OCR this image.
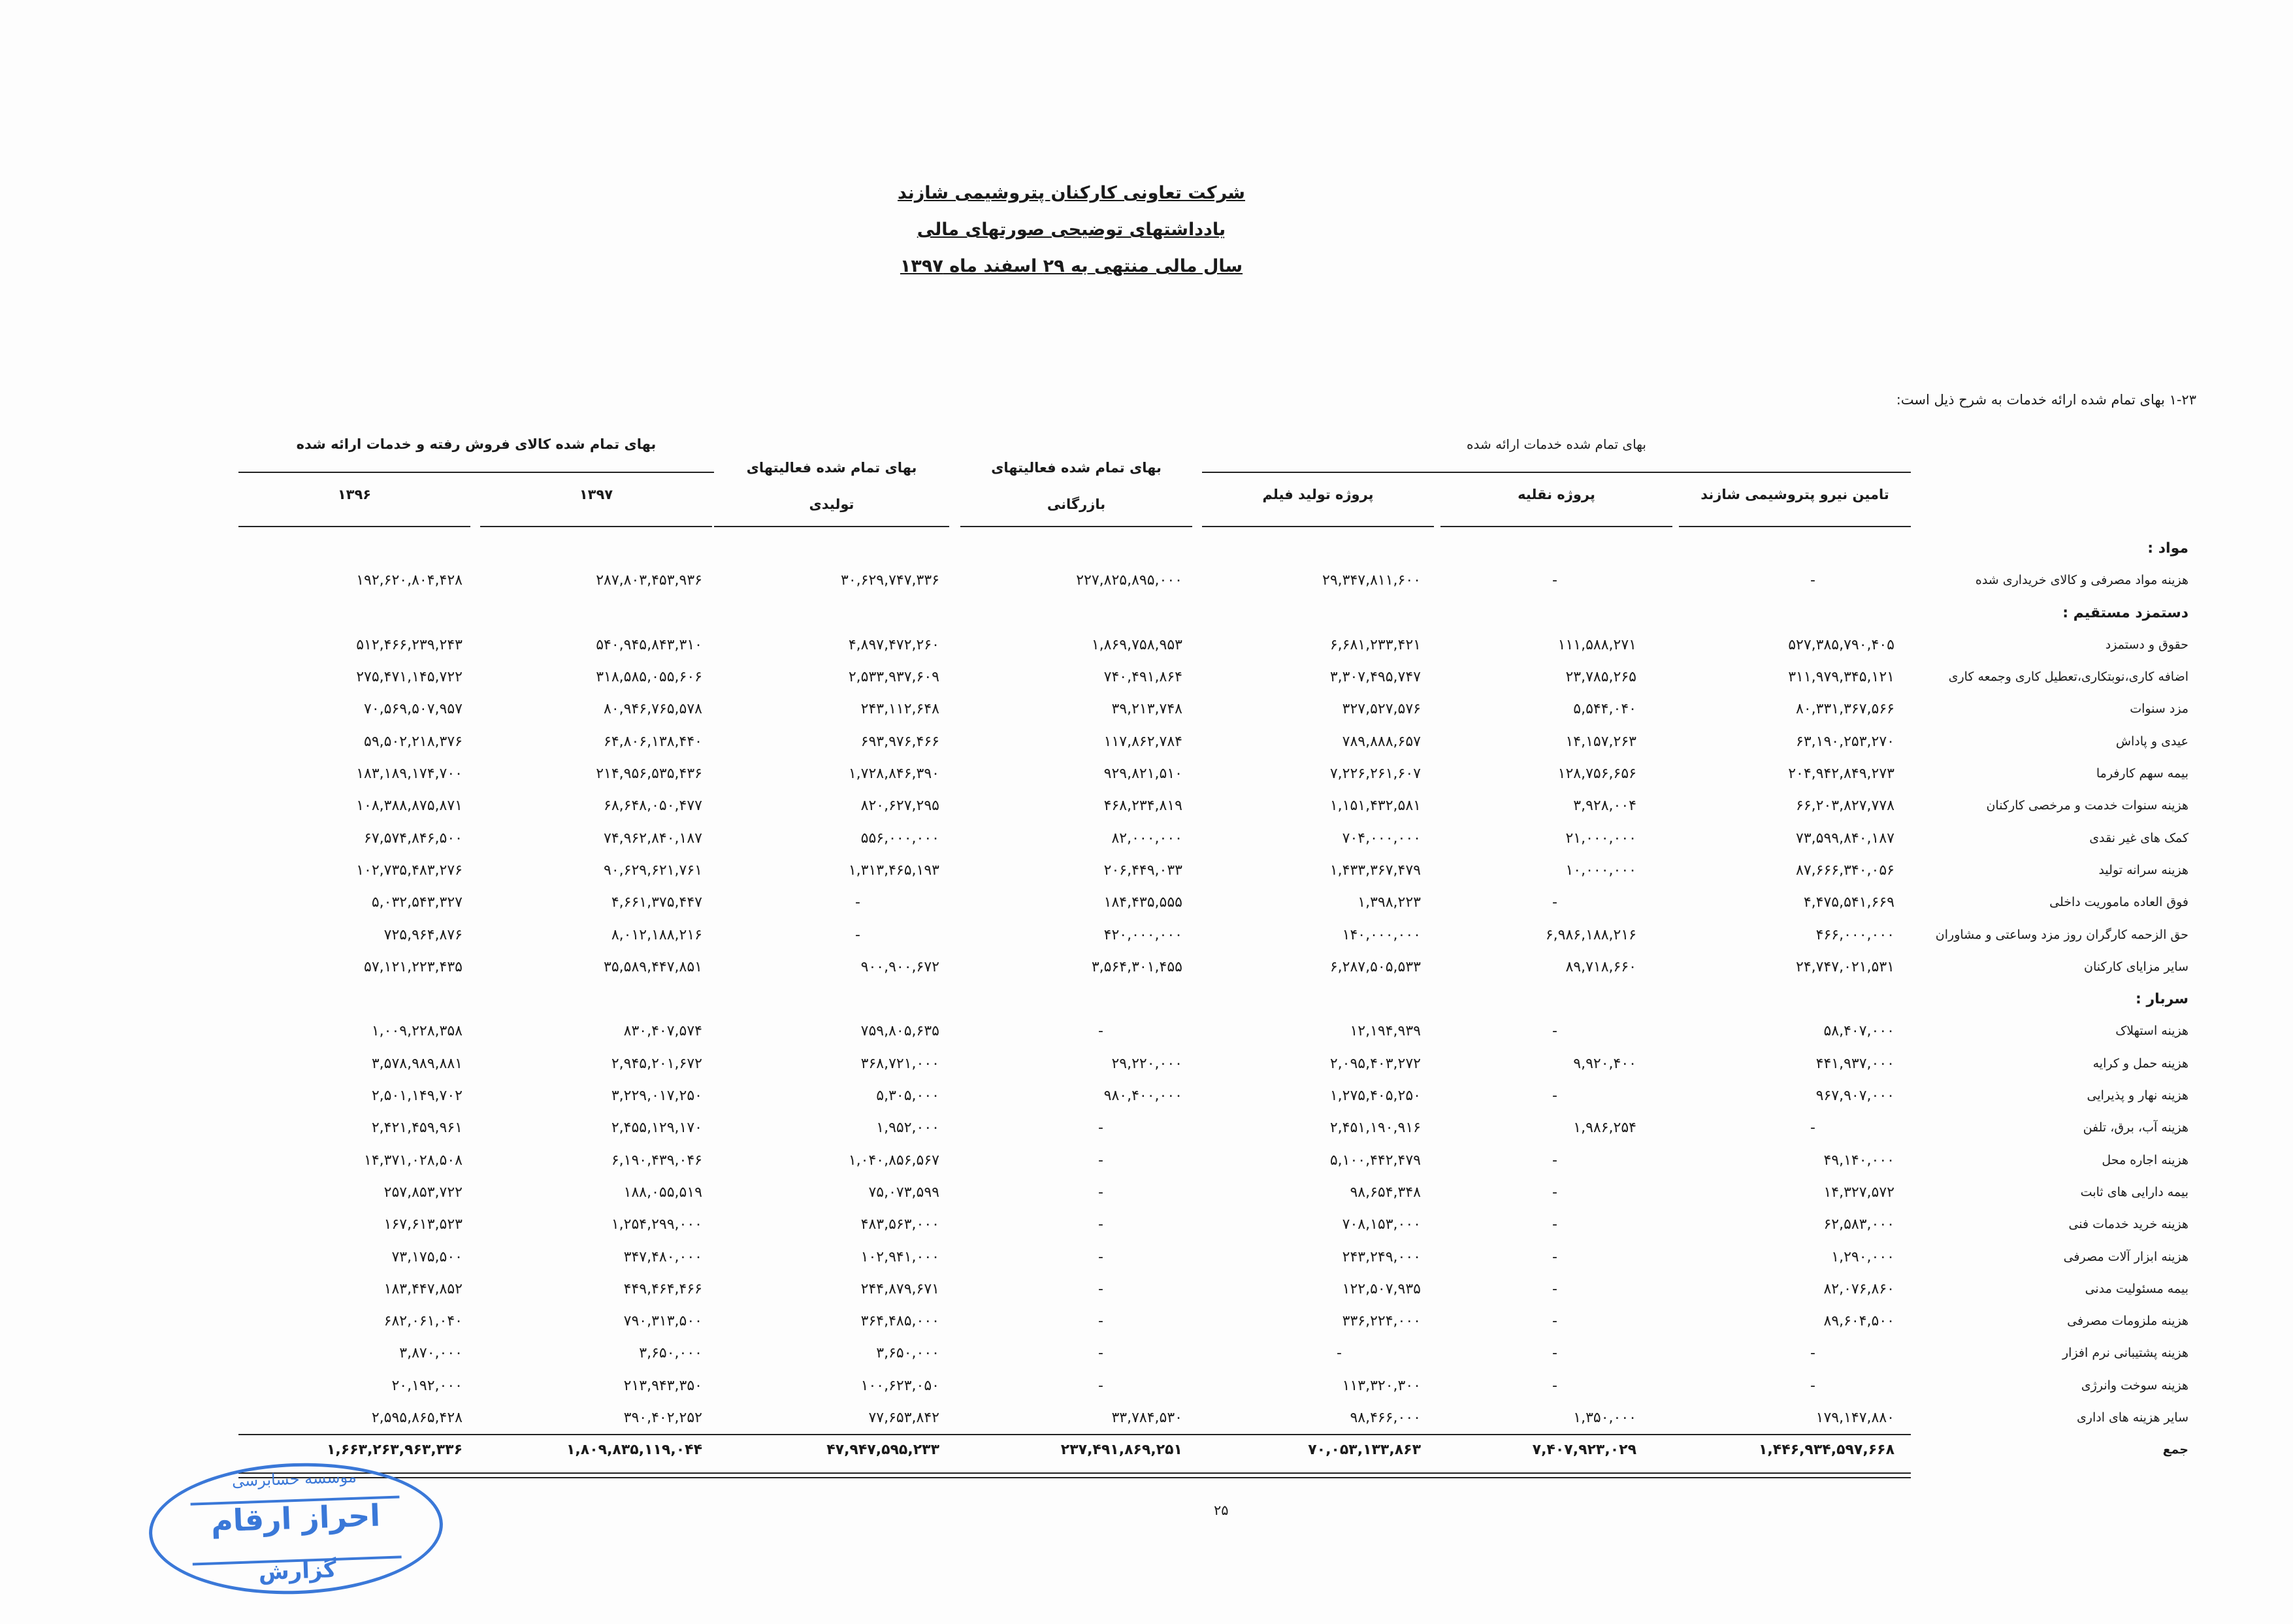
شرکت تعاونی کارکنان پتروشیمی شازند
یادداشتهای توضیحی صورتهای مالی
سال مالی منتهی به ۲۹ اسفند ماه ۱۳۹۷
۱-۲۳ بهای تمام شده ارائه خدمات به شرح ذیل است:
بهای تمام شده خدمات ارائه شده
بهای تمام شده کالای فروش رفته و خدمات ارائه شده
تامین نیرو پتروشیمی شازند
پروژه نقلیه
پروژه تولید فیلم
بهای تمام شده فعالیتهای
بازرگانی
بهای تمام شده فعالیتهای
تولیدی
۱۳۹۷
۱۳۹۶
مواد :
هزینه مواد مصرفی و کالای خریداری شده
-
-
۲۹,۳۴۷,۸۱۱,۶۰۰
۲۲۷,۸۲۵,۸۹۵,۰۰۰
۳۰,۶۲۹,۷۴۷,۳۳۶
۲۸۷,۸۰۳,۴۵۳,۹۳۶
۱۹۲,۶۲۰,۸۰۴,۴۲۸
دستمزد مستقیم :
حقوق و دستمزد
۵۲۷,۳۸۵,۷۹۰,۴۰۵
۱۱۱,۵۸۸,۲۷۱
۶,۶۸۱,۲۳۳,۴۲۱
۱,۸۶۹,۷۵۸,۹۵۳
۴,۸۹۷,۴۷۲,۲۶۰
۵۴۰,۹۴۵,۸۴۳,۳۱۰
۵۱۲,۴۶۶,۲۳۹,۲۴۳
اضافه کاری،نوبتکاری،تعطیل کاری وجمعه کاری
۳۱۱,۹۷۹,۳۴۵,۱۲۱
۲۳,۷۸۵,۲۶۵
۳,۳۰۷,۴۹۵,۷۴۷
۷۴۰,۴۹۱,۸۶۴
۲,۵۳۳,۹۳۷,۶۰۹
۳۱۸,۵۸۵,۰۵۵,۶۰۶
۲۷۵,۴۷۱,۱۴۵,۷۲۲
مزد سنوات
۸۰,۳۳۱,۳۶۷,۵۶۶
۵,۵۴۴,۰۴۰
۳۲۷,۵۲۷,۵۷۶
۳۹,۲۱۳,۷۴۸
۲۴۳,۱۱۲,۶۴۸
۸۰,۹۴۶,۷۶۵,۵۷۸
۷۰,۵۶۹,۵۰۷,۹۵۷
عیدی و پاداش
۶۳,۱۹۰,۲۵۳,۲۷۰
۱۴,۱۵۷,۲۶۳
۷۸۹,۸۸۸,۶۵۷
۱۱۷,۸۶۲,۷۸۴
۶۹۳,۹۷۶,۴۶۶
۶۴,۸۰۶,۱۳۸,۴۴۰
۵۹,۵۰۲,۲۱۸,۳۷۶
بیمه سهم کارفرما
۲۰۴,۹۴۲,۸۴۹,۲۷۳
۱۲۸,۷۵۶,۶۵۶
۷,۲۲۶,۲۶۱,۶۰۷
۹۲۹,۸۲۱,۵۱۰
۱,۷۲۸,۸۴۶,۳۹۰
۲۱۴,۹۵۶,۵۳۵,۴۳۶
۱۸۳,۱۸۹,۱۷۴,۷۰۰
هزینه سنوات خدمت و مرخصی کارکنان
۶۶,۲۰۳,۸۲۷,۷۷۸
۳,۹۲۸,۰۰۴
۱,۱۵۱,۴۳۲,۵۸۱
۴۶۸,۲۳۴,۸۱۹
۸۲۰,۶۲۷,۲۹۵
۶۸,۶۴۸,۰۵۰,۴۷۷
۱۰۸,۳۸۸,۸۷۵,۸۷۱
کمک های غیر نقدی
۷۳,۵۹۹,۸۴۰,۱۸۷
۲۱,۰۰۰,۰۰۰
۷۰۴,۰۰۰,۰۰۰
۸۲,۰۰۰,۰۰۰
۵۵۶,۰۰۰,۰۰۰
۷۴,۹۶۲,۸۴۰,۱۸۷
۶۷,۵۷۴,۸۴۶,۵۰۰
هزینه سرانه تولید
۸۷,۶۶۶,۳۴۰,۰۵۶
۱۰,۰۰۰,۰۰۰
۱,۴۳۳,۳۶۷,۴۷۹
۲۰۶,۴۴۹,۰۳۳
۱,۳۱۳,۴۶۵,۱۹۳
۹۰,۶۲۹,۶۲۱,۷۶۱
۱۰۲,۷۳۵,۴۸۳,۲۷۶
فوق العاده ماموریت داخلی
۴,۴۷۵,۵۴۱,۶۶۹
-
۱,۳۹۸,۲۲۳
۱۸۴,۴۳۵,۵۵۵
-
۴,۶۶۱,۳۷۵,۴۴۷
۵,۰۳۲,۵۴۳,۳۲۷
حق الزحمه کارگران روز مزد وساعتی و مشاوران
۴۶۶,۰۰۰,۰۰۰
۶,۹۸۶,۱۸۸,۲۱۶
۱۴۰,۰۰۰,۰۰۰
۴۲۰,۰۰۰,۰۰۰
-
۸,۰۱۲,۱۸۸,۲۱۶
۷۲۵,۹۶۴,۸۷۶
سایر مزایای کارکنان
۲۴,۷۴۷,۰۲۱,۵۳۱
۸۹,۷۱۸,۶۶۰
۶,۲۸۷,۵۰۵,۵۳۳
۳,۵۶۴,۳۰۱,۴۵۵
۹۰۰,۹۰۰,۶۷۲
۳۵,۵۸۹,۴۴۷,۸۵۱
۵۷,۱۲۱,۲۲۳,۴۳۵
سربار :
هزینه استهلاک
۵۸,۴۰۷,۰۰۰
-
۱۲,۱۹۴,۹۳۹
-
۷۵۹,۸۰۵,۶۳۵
۸۳۰,۴۰۷,۵۷۴
۱,۰۰۹,۲۲۸,۳۵۸
هزینه حمل و کرایه
۴۴۱,۹۳۷,۰۰۰
۹,۹۲۰,۴۰۰
۲,۰۹۵,۴۰۳,۲۷۲
۲۹,۲۲۰,۰۰۰
۳۶۸,۷۲۱,۰۰۰
۲,۹۴۵,۲۰۱,۶۷۲
۳,۵۷۸,۹۸۹,۸۸۱
هزینه نهار و پذیرایی
۹۶۷,۹۰۷,۰۰۰
-
۱,۲۷۵,۴۰۵,۲۵۰
۹۸۰,۴۰۰,۰۰۰
۵,۳۰۵,۰۰۰
۳,۲۲۹,۰۱۷,۲۵۰
۲,۵۰۱,۱۴۹,۷۰۲
هزینه آب، برق، تلفن
-
۱,۹۸۶,۲۵۴
۲,۴۵۱,۱۹۰,۹۱۶
-
۱,۹۵۲,۰۰۰
۲,۴۵۵,۱۲۹,۱۷۰
۲,۴۲۱,۴۵۹,۹۶۱
هزینه اجاره محل
۴۹,۱۴۰,۰۰۰
-
۵,۱۰۰,۴۴۲,۴۷۹
-
۱,۰۴۰,۸۵۶,۵۶۷
۶,۱۹۰,۴۳۹,۰۴۶
۱۴,۳۷۱,۰۲۸,۵۰۸
بیمه دارایی های ثابت
۱۴,۳۲۷,۵۷۲
-
۹۸,۶۵۴,۳۴۸
-
۷۵,۰۷۳,۵۹۹
۱۸۸,۰۵۵,۵۱۹
۲۵۷,۸۵۳,۷۲۲
هزینه خرید خدمات فنی
۶۲,۵۸۳,۰۰۰
-
۷۰۸,۱۵۳,۰۰۰
-
۴۸۳,۵۶۳,۰۰۰
۱,۲۵۴,۲۹۹,۰۰۰
۱۶۷,۶۱۳,۵۲۳
هزینه ابزار آلات مصرفی
۱,۲۹۰,۰۰۰
-
۲۴۳,۲۴۹,۰۰۰
-
۱۰۲,۹۴۱,۰۰۰
۳۴۷,۴۸۰,۰۰۰
۷۳,۱۷۵,۵۰۰
بیمه مسئولیت مدنی
۸۲,۰۷۶,۸۶۰
-
۱۲۲,۵۰۷,۹۳۵
-
۲۴۴,۸۷۹,۶۷۱
۴۴۹,۴۶۴,۴۶۶
۱۸۳,۴۴۷,۸۵۲
هزینه ملزومات مصرفی
۸۹,۶۰۴,۵۰۰
-
۳۳۶,۲۲۴,۰۰۰
-
۳۶۴,۴۸۵,۰۰۰
۷۹۰,۳۱۳,۵۰۰
۶۸۲,۰۶۱,۰۴۰
هزینه پشتیبانی نرم افزار
-
-
-
-
۳,۶۵۰,۰۰۰
۳,۶۵۰,۰۰۰
۳,۸۷۰,۰۰۰
هزینه سوخت وانرژی
-
-
۱۱۳,۳۲۰,۳۰۰
-
۱۰۰,۶۲۳,۰۵۰
۲۱۳,۹۴۳,۳۵۰
۲۰,۱۹۲,۰۰۰
سایر هزینه های اداری
۱۷۹,۱۴۷,۸۸۰
۱,۳۵۰,۰۰۰
۹۸,۴۶۶,۰۰۰
۳۳,۷۸۴,۵۳۰
۷۷,۶۵۳,۸۴۲
۳۹۰,۴۰۲,۲۵۲
۲,۵۹۵,۸۶۵,۴۲۸
جمع
۱,۴۴۶,۹۳۴,۵۹۷,۶۶۸
۷,۴۰۷,۹۲۳,۰۲۹
۷۰,۰۵۳,۱۳۳,۸۶۳
۲۳۷,۴۹۱,۸۶۹,۲۵۱
۴۷,۹۴۷,۵۹۵,۲۳۳
۱,۸۰۹,۸۳۵,۱۱۹,۰۴۴
۱,۶۶۳,۲۶۳,۹۶۳,۳۳۶
۲۵
موسسه حسابرسی
احراز ارقام
گزارش
